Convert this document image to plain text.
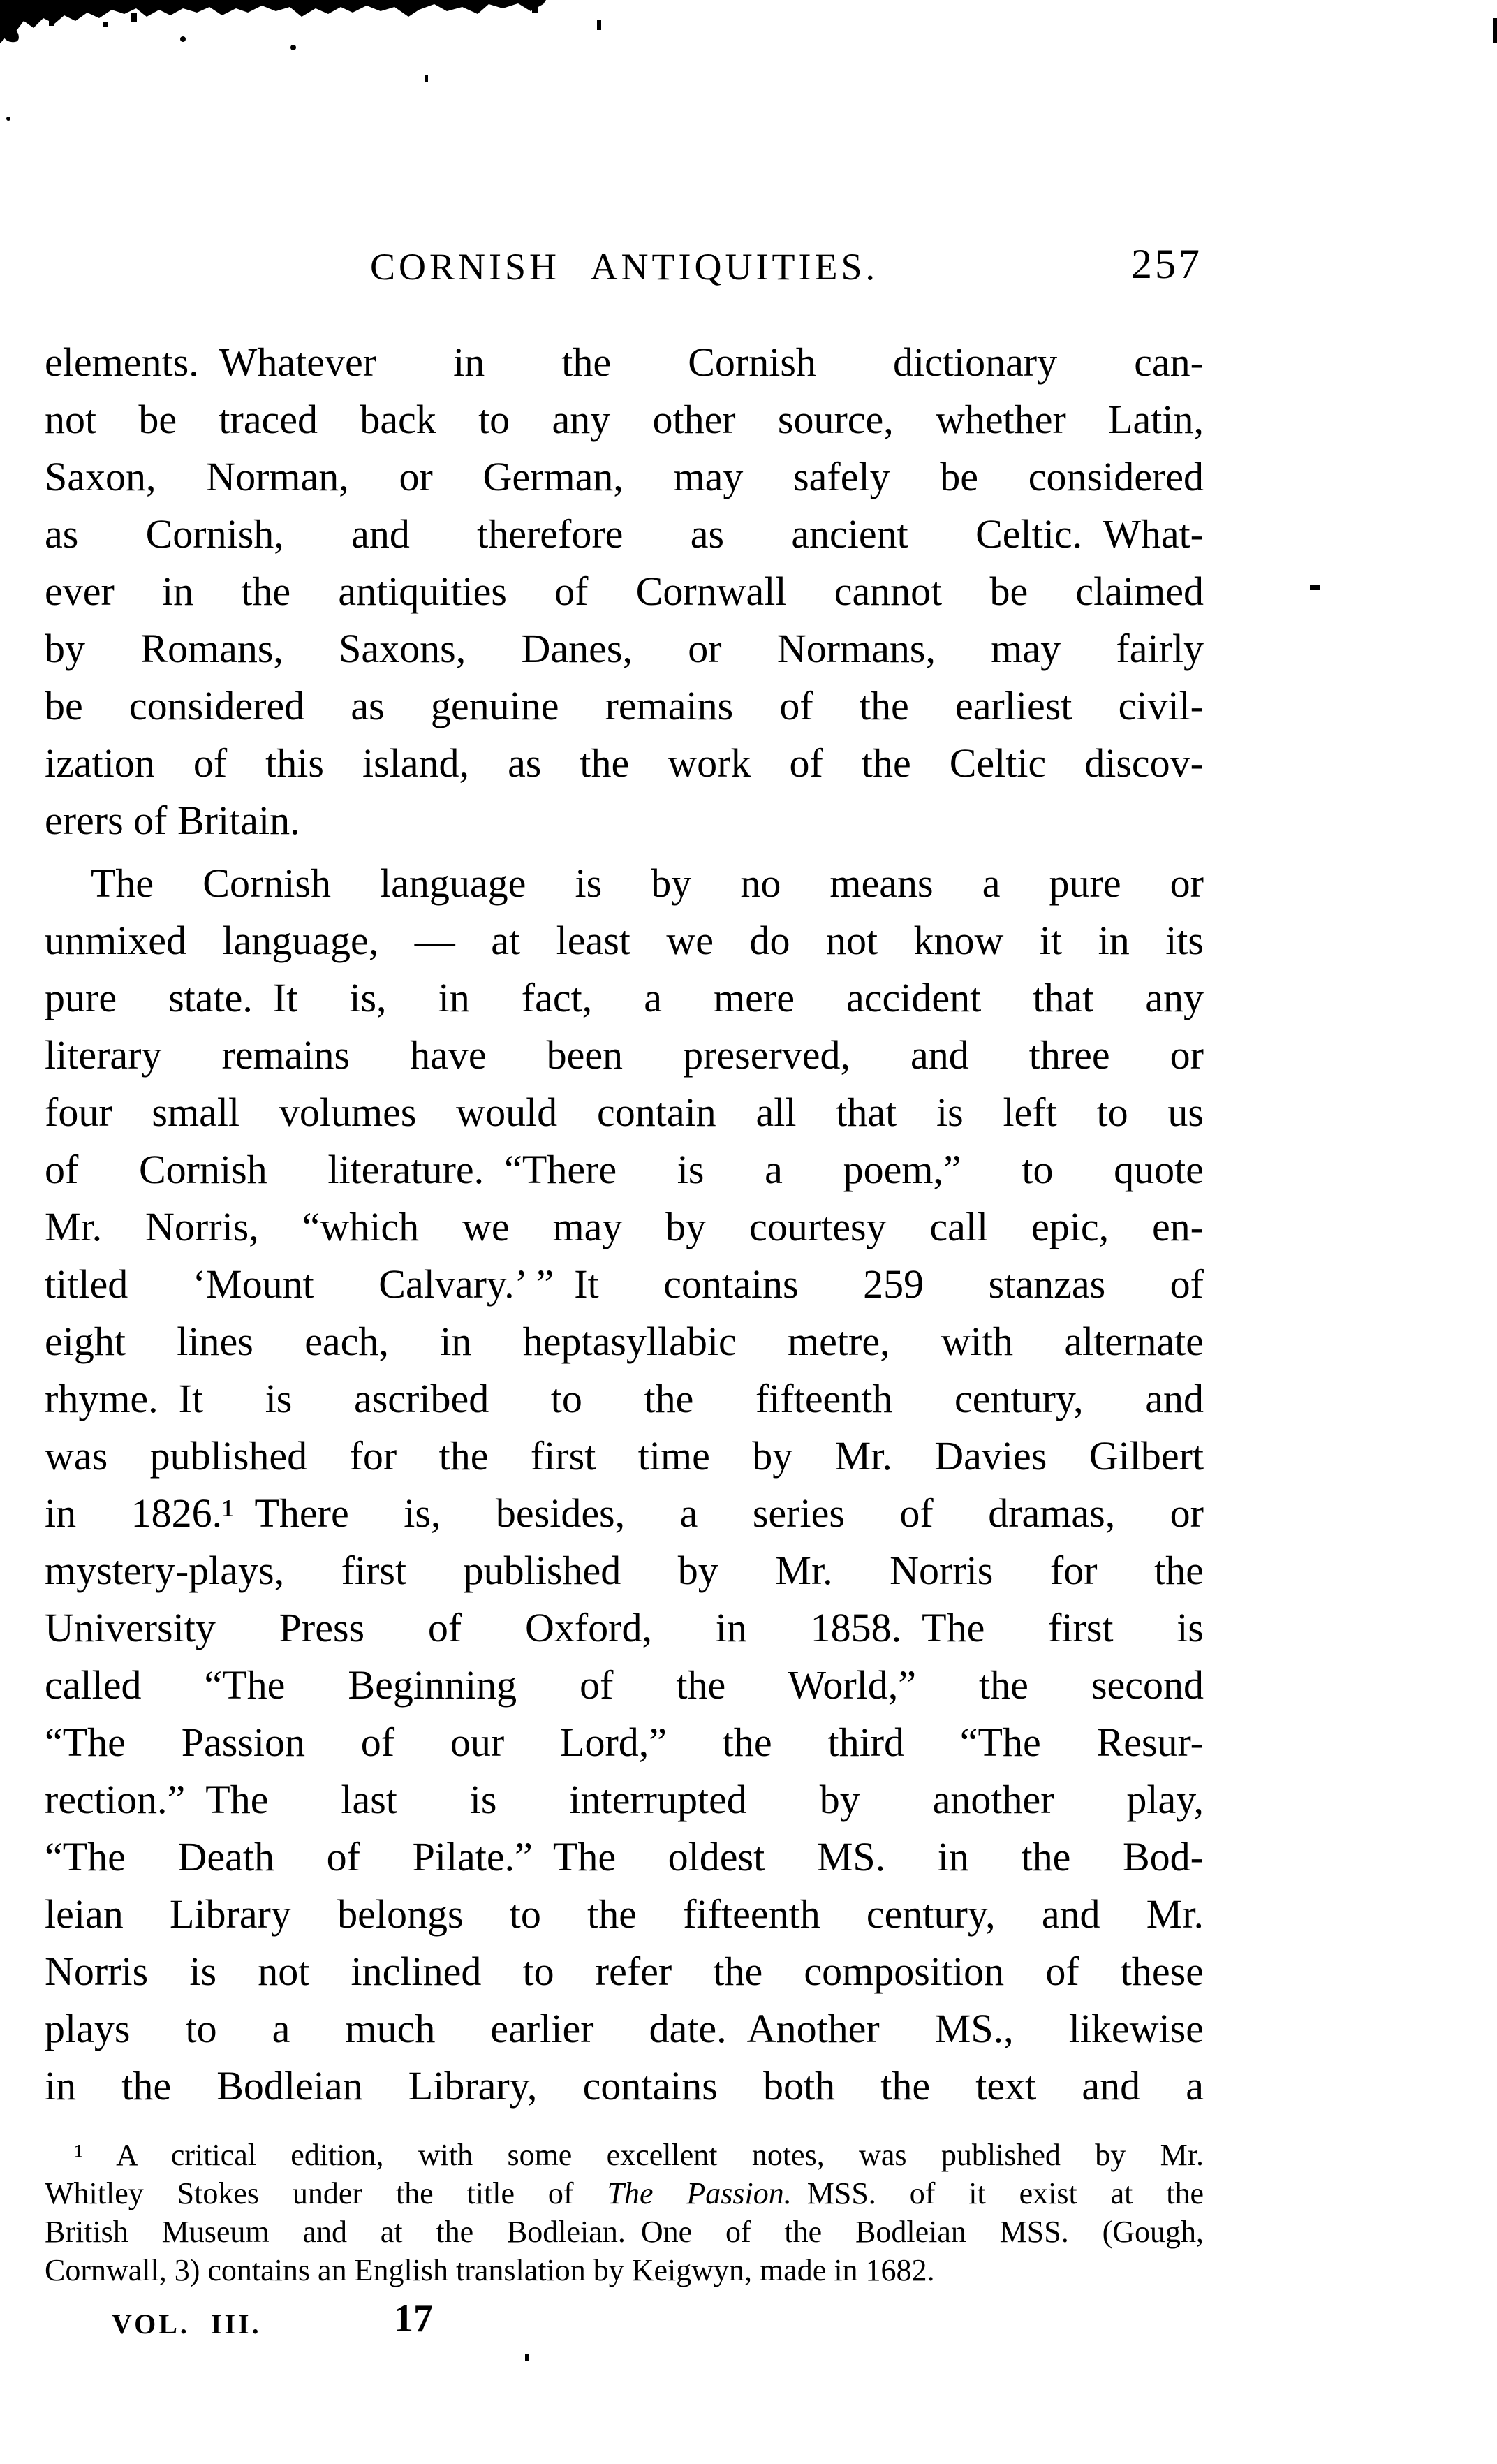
CORNISH ANTIQUITIES.	257
elements. Whatever in the Cornish dictionary can-
not be traced back to any other source, whether Latin,
Saxon, Norman, or German, may safely be considered
as Cornish, and therefore as ancient Celtic. What-
ever in the antiquities of Cornwall cannot be claimed
by Romans, Saxons, Danes, or Normans, may fairly
be considered as genuine remains of the earliest civil-
ization of this island, as the work of the Celtic discov-
erers of Britain.
The Cornish language is by no means a pure or
unmixed language, — at least we do not know it in its
pure state. It is, in fact, a mere accident that any
literary remains have been preserved, and three or
four small volumes would contain all that is left to us
of Cornish literature. “There is a poem,” to quote
Mr. Norris, “which we may by courtesy call epic, en-
titled ‘Mount Calvary.’ ” It contains 259 stanzas of
eight lines each, in heptasyllabic metre, with alternate
rhyme. It is ascribed to the fifteenth century, and
was published for the first time by Mr. Davies Gilbert
in 1826.¹ There is, besides, a series of dramas, or
mystery-plays, first published by Mr. Norris for the
University Press of Oxford, in 1858. The first is
called “The Beginning of the World,” the second
“The Passion of our Lord,” the third “The Resur-
rection.” The last is interrupted by another play,
“The Death of Pilate.” The oldest MS. in the Bod-
leian Library belongs to the fifteenth century, and Mr.
Norris is not inclined to refer the composition of these
plays to a much earlier date. Another MS., likewise
in the Bodleian Library, contains both the text and a
¹ A critical edition, with some excellent notes, was published by Mr.
Whitley Stokes under the title of The Passion. MSS. of it exist at the
British Museum and at the Bodleian. One of the Bodleian MSS. (Gough,
Cornwall, 3) contains an English translation by Keigwyn, made in 1682.
VOL. III.	17
